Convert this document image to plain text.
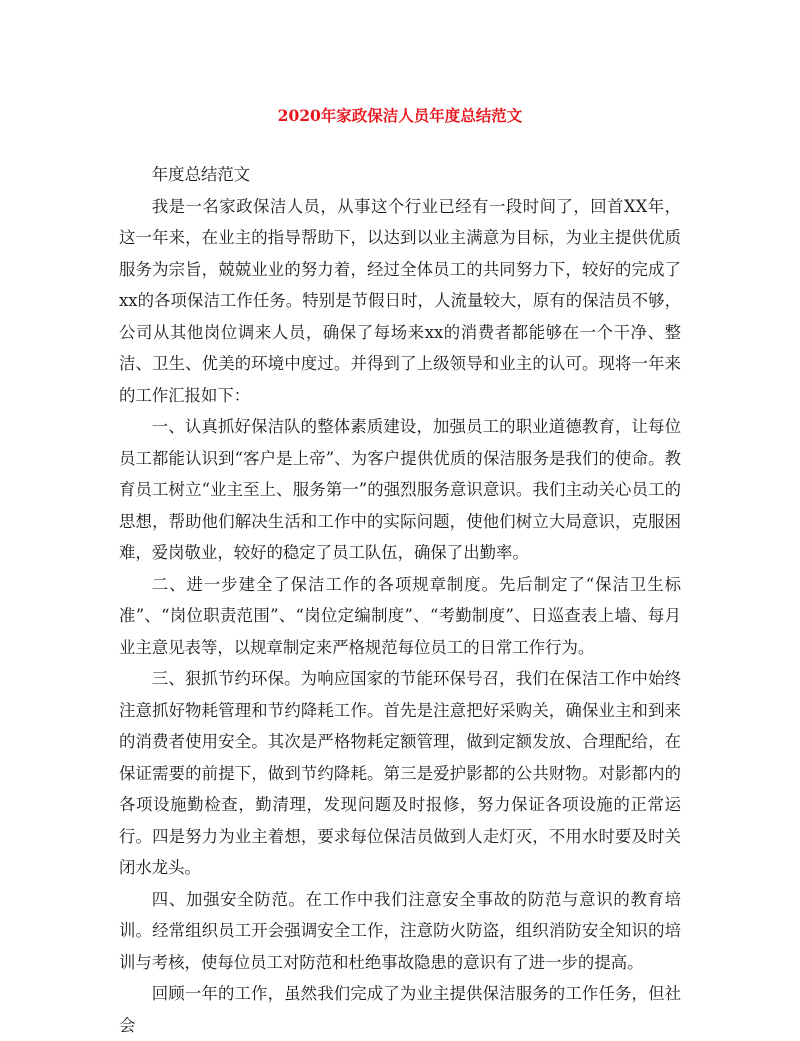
2020年家政保洁人员年度总结范文

年度总结范文

我是一名家政保洁人员，从事这个行业已经有一段时间了，回首XX年，这一年来，在业主的指导帮助下，以达到以业主满意为目标，为业主提供优质服务为宗旨，兢兢业业的努力着，经过全体员工的共同努力下，较好的完成了xx的各项保洁工作任务。特别是节假日时，人流量较大，原有的保洁员不够，公司从其他岗位调来人员，确保了每场来xx的消费者都能够在一个干净、整洁、卫生、优美的环境中度过。并得到了上级领导和业主的认可。现将一年来的工作汇报如下：

一、认真抓好保洁队的整体素质建设，加强员工的职业道德教育，让每位员工都能认识到“客户是上帝”、为客户提供优质的保洁服务是我们的使命。教育员工树立“业主至上、服务第一”的强烈服务意识意识。我们主动关心员工的思想，帮助他们解决生活和工作中的实际问题，使他们树立大局意识，克服困难，爱岗敬业，较好的稳定了员工队伍，确保了出勤率。

二、进一步建全了保洁工作的各项规章制度。先后制定了“保洁卫生标准”、“岗位职责范围”、“岗位定编制度”、“考勤制度”、日巡查表上墙、每月业主意见表等，以规章制定来严格规范每位员工的日常工作行为。

三、狠抓节约环保。为响应国家的节能环保号召，我们在保洁工作中始终注意抓好物耗管理和节约降耗工作。首先是注意把好采购关，确保业主和到来的消费者使用安全。其次是严格物耗定额管理，做到定额发放、合理配给，在保证需要的前提下，做到节约降耗。第三是爱护影都的公共财物。对影都内的各项设施勤检查，勤清理，发现问题及时报修，努力保证各项设施的正常运行。四是努力为业主着想，要求每位保洁员做到人走灯灭，不用水时要及时关闭水龙头。

四、加强安全防范。在工作中我们注意安全事故的防范与意识的教育培训。经常组织员工开会强调安全工作，注意防火防盗，组织消防安全知识的培训与考核，使每位员工对防范和杜绝事故隐患的意识有了进一步的提高。

回顾一年的工作，虽然我们完成了为业主提供保洁服务的工作任务，但社会
